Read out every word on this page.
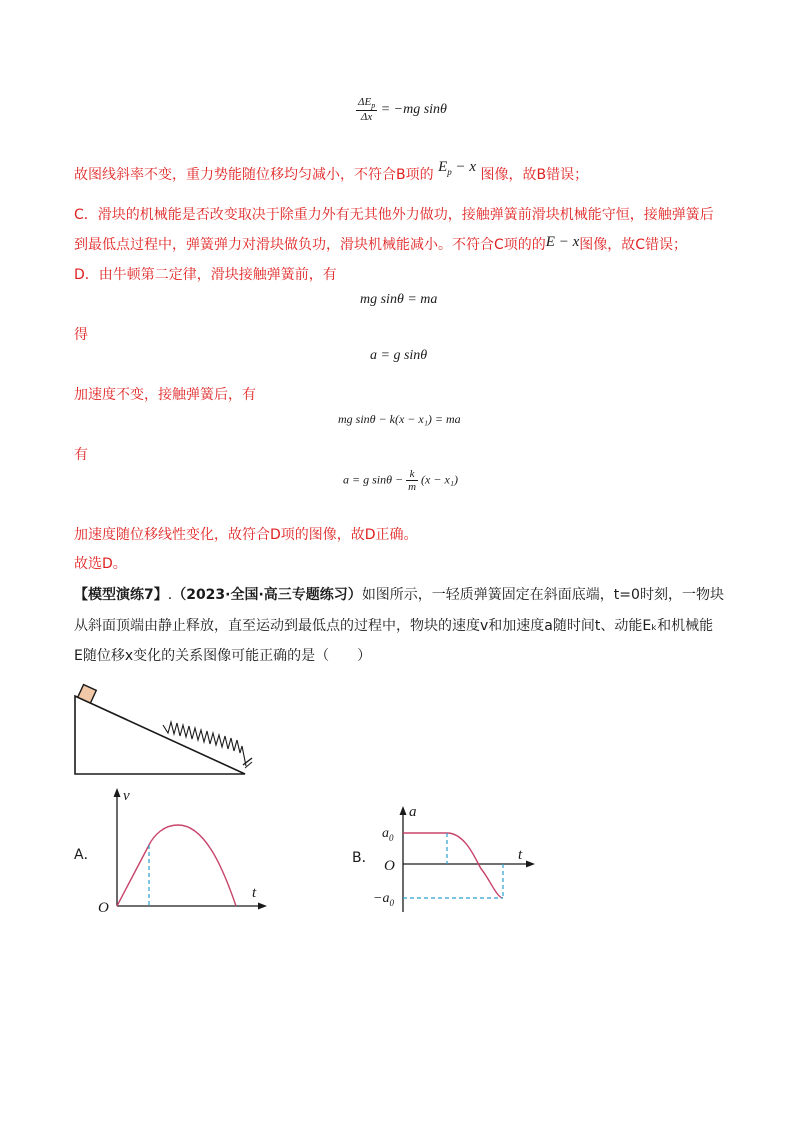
$\frac{\Delta E_p}{\Delta x} = -mg$ sinθ
故图线斜率不变，重力势能随位移均匀减小，不符合B项的 $E_p - x$ 图像，故B错误；
C．滑块的机械能是否改变取决于除重力外有无其他外力做功，接触弹簧前滑块机械能守恒，接触弹簧后
到最低点过程中，弹簧弹力对滑块做负功，滑块机械能减小。不符合C项的的E − x图像，故C错误；
D．由牛顿第二定律，滑块接触弹簧前，有
mg sinθ = ma
得
a = g sinθ
加速度不变，接触弹簧后，有
mg sinθ − k(x − x₁) = ma
有
a = g $\sin\theta - \frac{k}{m} (x - x_1)$
加速度随位移线性变化，故符合D项的图像，故D正确。
故选D。
【模型演练7】.（2023·全国·高三专题练习）如图所示，一轻质弹簧固定在斜面底端，t=0时刻，一物块
从斜面顶端由静止释放，直至运动到最低点的过程中，物块的速度v和加速度a随时间t、动能Eₖ和机械能
E随位移x变化的关系图像可能正确的是（　　）
A．
v
t
O
B．
a
t
O
$a_0$
$-a_0$
